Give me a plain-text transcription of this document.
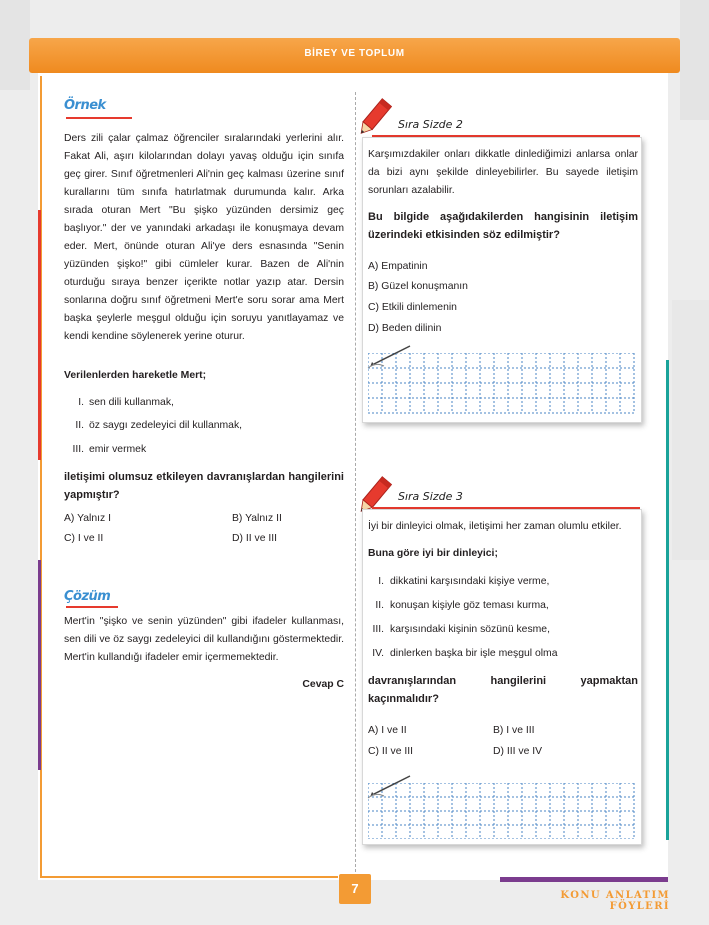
BİREY VE TOPLUM
Örnek
Ders zili çalar çalmaz öğrenciler sıralarındaki yerlerini alır. Fakat Ali, aşırı kilolarından dolayı yavaş olduğu için sınıfa geç girer. Sınıf öğretmenleri Ali'nin geç kalması üzerine sınıf kurallarını tüm sınıfa hatırlatmak durumunda kalır. Arka sırada oturan Mert "Bu şişko yüzünden dersimiz geç başlıyor." der ve yanındaki arkadaşı ile konuşmaya devam eder. Mert, önünde oturan Ali'ye ders esnasında "Senin yüzünden şişko!" gibi cümleler kurar. Bazen de Ali'nin oturduğu sıraya benzer içerikte notlar yazıp atar. Dersin sonlarına doğru sınıf öğretmeni Mert'e soru sorar ama Mert başka şeylerle meşgul olduğu için soruyu yanıtlayamaz ve kendi kendine söylenerek yerine oturur.
Verilenlerden hareketle Mert;
I. sen dili kullanmak,
II. öz saygı zedeleyici dil kullanmak,
III. emir vermek
iletişimi olumsuz etkileyen davranışlardan hangilerini yapmıştır?
A) Yalnız I	B) Yalnız II
C) I ve II	D) II ve III
Çözüm
Mert'in "şişko ve senin yüzünden" gibi ifadeler kullanması, sen dili ve öz saygı zedeleyici dil kullandığını göstermektedir. Mert'in kullandığı ifadeler emir içermemektedir.
Cevap C
Sıra Sizde 2
Karşımızdakiler onları dikkatle dinlediğimizi anlarsa onlar da bizi aynı şekilde dinleyebilirler. Bu sayede iletişim sorunları azalabilir.
Bu bilgide aşağıdakilerden hangisinin iletişim üzerindeki etkisinden söz edilmiştir?
A) Empatinin
B) Güzel konuşmanın
C) Etkili dinlemenin
D) Beden dilinin
Sıra Sizde 3
İyi bir dinleyici olmak, iletişimi her zaman olumlu etkiler.
Buna göre iyi bir dinleyici;
I. dikkatini karşısındaki kişiye verme,
II. konuşan kişiyle göz teması kurma,
III. karşısındaki kişinin sözünü kesme,
IV. dinlerken başka bir işle meşgul olma
davranışlarından hangilerini yapmaktan kaçınmalıdır?
A) I ve II	B) I ve III
C) II ve III	D) III ve IV
7	KONU ANLATIM FÖYLERİ
